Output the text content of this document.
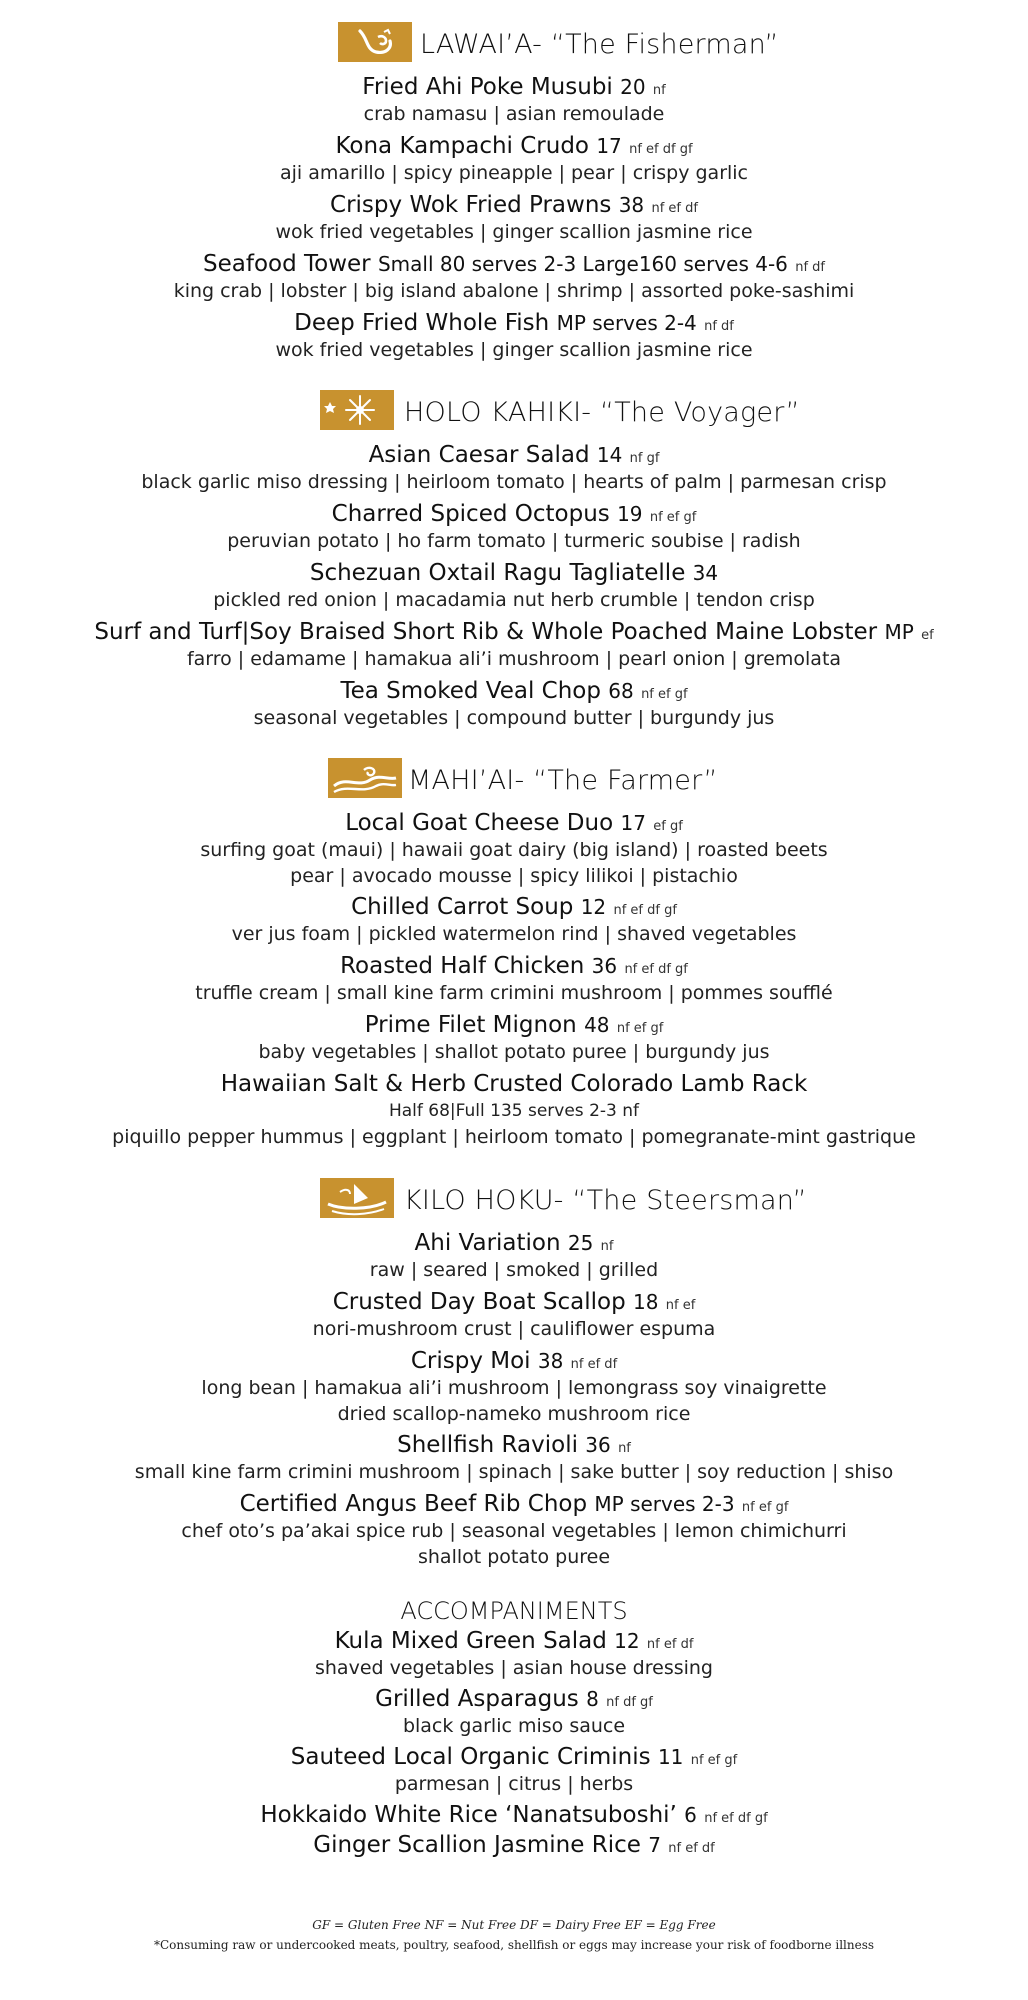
LAWAI’A- “The Fisherman”
Fried Ahi Poke Musubi 20 nf
crab namasu | asian remoulade
Kona Kampachi Crudo 17 nf ef df gf
aji amarillo | spicy pineapple | pear | crispy garlic
Crispy Wok Fried Prawns 38 nf ef df
wok fried vegetables | ginger scallion jasmine rice
Seafood Tower Small 80 serves 2-3 Large160 serves 4-6 nf df
king crab | lobster | big island abalone | shrimp | assorted poke-sashimi
Deep Fried Whole Fish MP serves 2-4 nf df
wok fried vegetables | ginger scallion jasmine rice
HOLO KAHIKI- “The Voyager”
Asian Caesar Salad 14 nf gf
black garlic miso dressing | heirloom tomato | hearts of palm | parmesan crisp
Charred Spiced Octopus 19 nf ef gf
peruvian potato | ho farm tomato | turmeric soubise | radish
Schezuan Oxtail Ragu Tagliatelle 34
pickled red onion | macadamia nut herb crumble | tendon crisp
Surf and Turf|Soy Braised Short Rib & Whole Poached Maine Lobster MP ef
farro | edamame | hamakua ali’i mushroom | pearl onion | gremolata
Tea Smoked Veal Chop 68 nf ef gf
seasonal vegetables | compound butter | burgundy jus
MAHI’AI- “The Farmer”
Local Goat Cheese Duo 17 ef gf
surfing goat (maui) | hawaii goat dairy (big island) | roasted beets
pear | avocado mousse | spicy lilikoi | pistachio
Chilled Carrot Soup 12 nf ef df gf
ver jus foam | pickled watermelon rind | shaved vegetables
Roasted Half Chicken 36 nf ef df gf
truffle cream | small kine farm crimini mushroom | pommes soufflé
Prime Filet Mignon 48 nf ef gf
baby vegetables | shallot potato puree | burgundy jus
Hawaiian Salt & Herb Crusted Colorado Lamb Rack
Half 68|Full 135 serves 2-3 nf
piquillo pepper hummus | eggplant | heirloom tomato | pomegranate-mint gastrique
KILO HOKU- “The Steersman”
Ahi Variation 25 nf
raw | seared | smoked | grilled
Crusted Day Boat Scallop 18 nf ef
nori-mushroom crust | cauliflower espuma
Crispy Moi 38 nf ef df
long bean | hamakua ali’i mushroom | lemongrass soy vinaigrette
dried scallop-nameko mushroom rice
Shellfish Ravioli 36 nf
small kine farm crimini mushroom | spinach | sake butter | soy reduction | shiso
Certified Angus Beef Rib Chop MP serves 2-3 nf ef gf
chef oto’s pa’akai spice rub | seasonal vegetables | lemon chimichurri
shallot potato puree
ACCOMPANIMENTS
Kula Mixed Green Salad 12 nf ef df
shaved vegetables | asian house dressing
Grilled Asparagus 8 nf df gf
black garlic miso sauce
Sauteed Local Organic Criminis 11 nf ef gf
parmesan | citrus | herbs
Hokkaido White Rice ‘Nanatsuboshi’ 6 nf ef df gf
Ginger Scallion Jasmine Rice 7 nf ef df
GF = Gluten Free NF = Nut Free DF = Dairy Free EF = Egg Free
*Consuming raw or undercooked meats, poultry, seafood, shellfish or eggs may increase your risk of foodborne illness
